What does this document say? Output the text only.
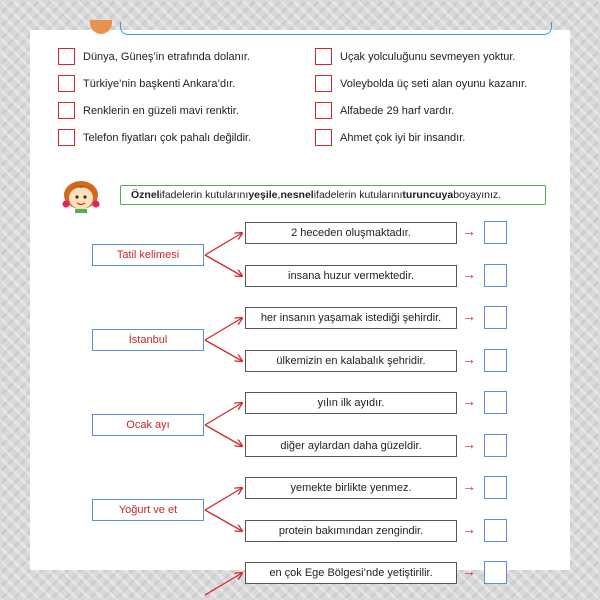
Dünya, Güneş’in etrafında dolanır.
Türkiye’nin başkenti Ankara’dır.
Renklerin en güzeli mavi renktir.
Telefon fiyatları çok pahalı değildir.
Uçak yolculuğunu sevmeyen yoktur.
Voleybolda üç seti alan oyunu kazanır.
Alfabede 29 harf vardır.
Ahmet çok iyi bir insandır.
Öznel ifadelerin kutularını yeşile , nesnel ifadelerin kutularını turuncuya boyayınız.
Tatil kelimesi
2 heceden oluşmaktadır.
insana huzur vermektedir.
→
→
İstanbul
her insanın yaşamak istediği şehirdir.
ülkemizin en kalabalık şehridir.
→
→
Ocak ayı
yılın ilk ayıdır.
diğer aylardan daha güzeldir.
→
→
Yoğurt ve et
yemekte birlikte yenmez.
protein bakımından zengindir.
→
→
en çok Ege Bölgesi’nde yetiştirilir.	→
